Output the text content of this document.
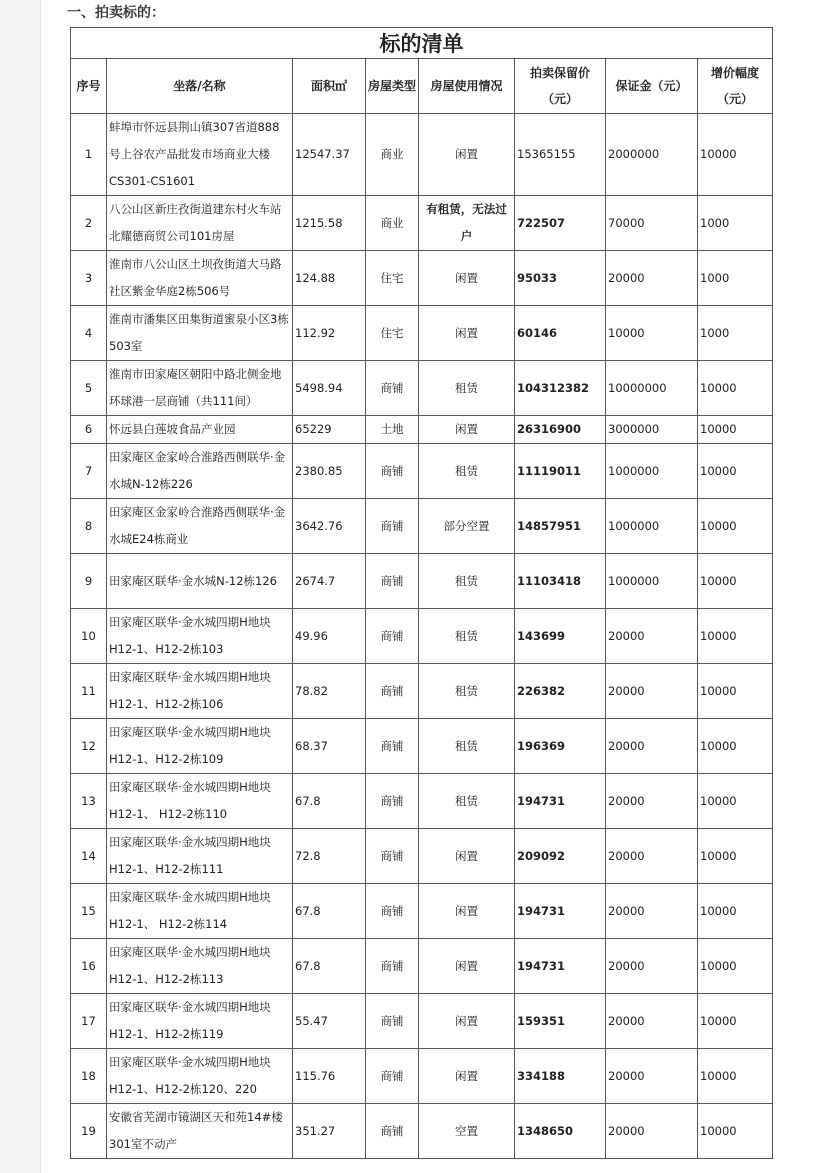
一、拍卖标的：
标的清单							
序号	坐落/名称	面积㎡	房屋类型	房屋使用情况	拍卖保留价（元）	保证金（元）	增价幅度（元）
1	蚌埠市怀远县荆山镇307省道888号上谷农产品批发市场商业大楼CS301-CS1601	12547.37	商业	闲置	15365155	2000000	10000
2	八公山区新庄孜街道建东村火车站北耀德商贸公司101房屋	1215.58	商业	有租赁，无法过户	722507	70000	1000
3	淮南市八公山区土坝孜街道大马路社区紫金华庭2栋506号	124.88	住宅	闲置	95033	20000	1000
4	淮南市潘集区田集街道蜜泉小区3栋503室	112.92	住宅	闲置	60146	10000	1000
5	淮南市田家庵区朝阳中路北侧金地环球港一层商铺（共111间）	5498.94	商铺	租赁	104312382	10000000	10000
6	怀远县白莲坡食品产业园	65229	土地	闲置	26316900	3000000	10000
7	田家庵区金家岭合淮路西侧联华·金水城N-12栋226	2380.85	商铺	租赁	11119011	1000000	10000
8	田家庵区金家岭合淮路西侧联华·金水城E24栋商业	3642.76	商铺	部分空置	14857951	1000000	10000
9	田家庵区联华·金水城N-12栋126	2674.7	商铺	租赁	11103418	1000000	10000
10	田家庵区联华·金水城四期H地块H12-1、H12-2栋103	49.96	商铺	租赁	143699	20000	10000
11	田家庵区联华·金水城四期H地块H12-1、H12-2栋106	78.82	商铺	租赁	226382	20000	10000
12	田家庵区联华·金水城四期H地块H12-1、H12-2栋109	68.37	商铺	租赁	196369	20000	10000
13	田家庵区联华·金水城四期H地块 H12-1、 H12-2栋110	67.8	商铺	租赁	194731	20000	10000
14	田家庵区联华·金水城四期H地块 H12-1、H12-2栋111	72.8	商铺	闲置	209092	20000	10000
15	田家庵区联华·金水城四期H地块 H12-1、 H12-2栋114	67.8	商铺	闲置	194731	20000	10000
16	田家庵区联华·金水城四期H地块 H12-1、H12-2栋113	67.8	商铺	闲置	194731	20000	10000
17	田家庵区联华·金水城四期H地块H12-1、H12-2栋119	55.47	商铺	闲置	159351	20000	10000
18	田家庵区联华·金水城四期H地块H12-1、H12-2栋120、220	115.76	商铺	闲置	334188	20000	10000
19	安徽省芜湖市镜湖区天和苑14#楼301室不动产	351.27	商铺	空置	1348650	20000	10000
